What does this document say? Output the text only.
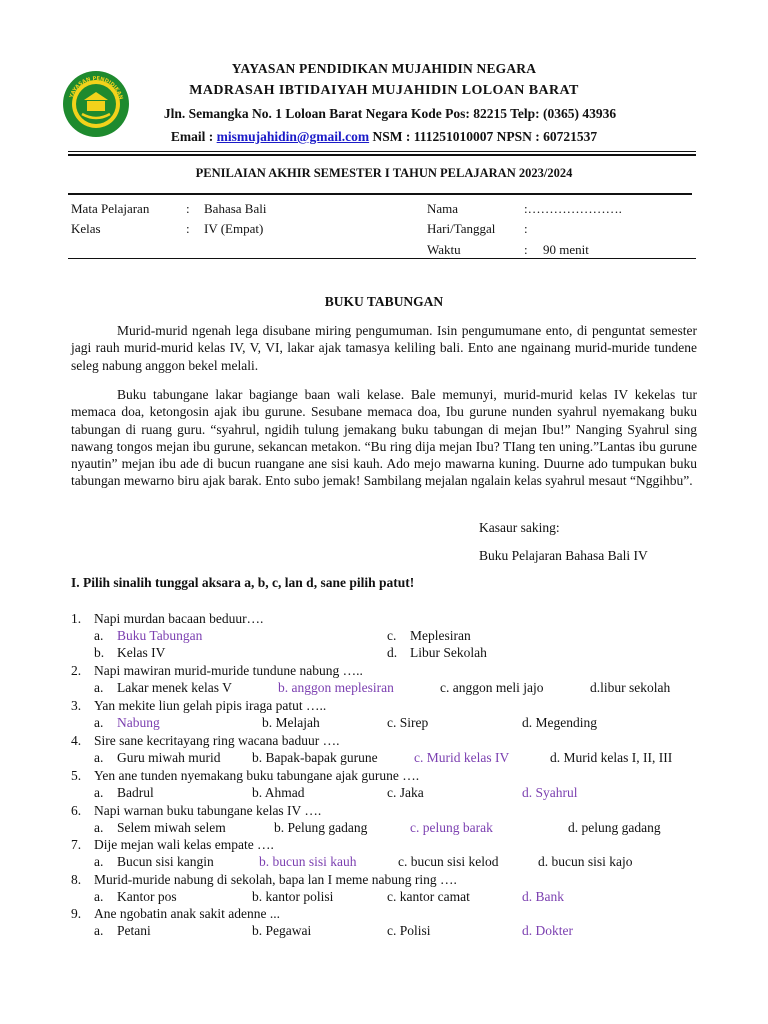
YAYASAN PENDIDIKAN
YAYASAN PENDIDIKAN MUJAHIDIN NEGARA
MADRASAH IBTIDAIYAH MUJAHIDIN LOLOAN BARAT
Jln. Semangka No. 1 Loloan Barat Negara Kode Pos: 82215 Telp: (0365) 43936
Email : mismujahidin@gmail.com NSM : 111251010007 NPSN : 60721537
PENILAIAN AKHIR SEMESTER I TAHUN PELAJARAN 2023/2024
Mata Pelajaran	: Bahasa Bali
Kelas	: IV (Empat)
Nama	:………………….
Hari/Tanggal :
Waktu	: 90 menit
BUKU TABUNGAN

Murid-murid ngenah lega disubane miring pengumuman. Isin pengumumane ento, di penguntat semester jagi rauh murid-murid kelas IV, V, VI, lakar ajak tamasya keliling bali. Ento ane ngainang murid-muride tundene seleg nabung anggon bekel melali.

Buku tabungane lakar bagiange baan wali kelase. Bale memunyi, murid-murid kelas IV kekelas tur memaca doa, ketongosin ajak ibu gurune. Sesubane memaca doa, Ibu gurune nunden syahrul nyemakang buku tabungan di ruang guru. “syahrul, ngidih tulung jemakang buku tabungan di mejan Ibu!” Nanging Syahrul sing nawang tongos mejan ibu gurune, sekancan metakon. “Bu ring dija mejan Ibu? TIang ten uning.”Lantas ibu gurune nyautin” mejan ibu ade di bucun ruangane ane sisi kauh. Ado mejo mawarna kuning. Duurne ado tumpukan buku tabungan mewarno biru ajak barak. Ento subo jemak! Sambilang mejalan ngalain kelas syahrul mesaut “Nggihbu”.

Kasaur saking:
Buku Pelajaran Bahasa Bali IV
I. Pilih sinalih tunggal aksara a, b, c, lan d, sane pilih patut!
1. Napi murdan bacaan beduur….
a. Buku Tabungan	c. Meplesiran
b. Kelas IV	d. Libur Sekolah
2. Napi mawiran murid-muride tundune nabung …..
a. Lakar menek kelas V	b. anggon meplesiran	c. anggon meli jajo	d.libur sekolah
3. Yan mekite liun gelah pipis iraga patut …..
a. Nabung	b. Melajah	c. Sirep	d. Megending
4. Sire sane kecritayang ring wacana baduur ….
a. Guru miwah murid b. Bapak-bapak gurune	c. Murid kelas IV	d. Murid kelas I, II, III
5. Yen ane tunden nyemakang buku tabungane ajak gurune ….
a. Badrul	b. Ahmad	c. Jaka	d. Syahrul
6. Napi warnan buku tabungane kelas IV ….
a. Selem miwah selem	b. Pelung gadang	c. pelung barak	d. pelung gadang
7. Dije mejan wali kelas empate ….
a. Bucun sisi kangin	b. bucun sisi kauh	c. bucun sisi kelod	d. bucun sisi kajo
8. Murid-muride nabung di sekolah, bapa lan I meme nabung ring ….
a. Kantor pos	b. kantor polisi	c. kantor camat	d. Bank
9. Ane ngobatin anak sakit adenne ...
a. Petani	b. Pegawai	c. Polisi	d. Dokter
